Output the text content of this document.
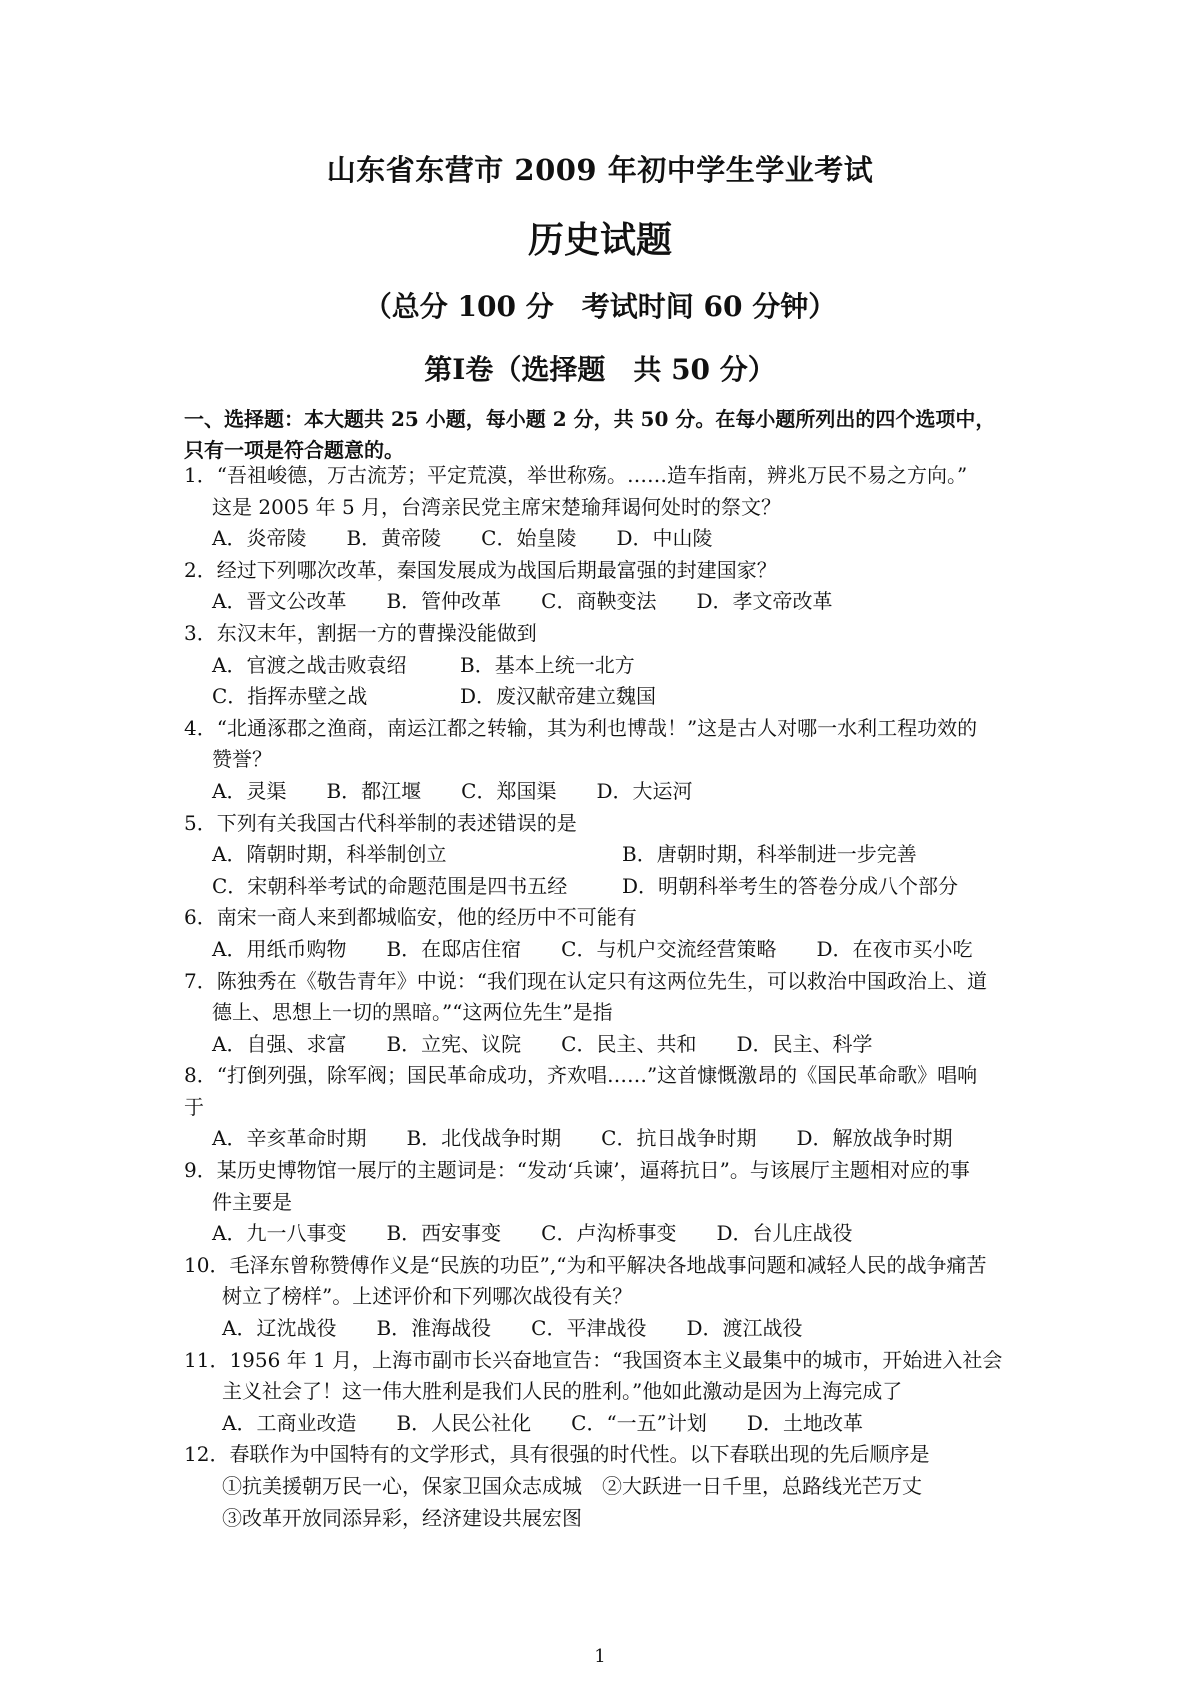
山东省东营市 2009 年初中学生学业考试
历史试题
（总分 100 分　考试时间 60 分钟）
第Ⅰ卷（选择题　共 50 分）
一、选择题：本大题共 25 小题，每小题 2 分，共 50 分。在每小题所列出的四个选项中，
只有一项是符合题意的。
1．“吾祖峻德，万古流芳；平定荒漠，举世称殇。……造车指南，辨兆万民不易之方向。”
这是 2005 年 5 月，台湾亲民党主席宋楚瑜拜谒何处时的祭文？
A．炎帝陵 B．黄帝陵 C．始皇陵 D．中山陵
2．经过下列哪次改革，秦国发展成为战国后期最富强的封建国家？
A．晋文公改革 B．管仲改革 C．商鞅变法 D．孝文帝改革
3．东汉末年，割据一方的曹操没能做到
A．官渡之战击败袁绍	B．基本上统一北方
C．指挥赤壁之战	D．废汉献帝建立魏国
4．“北通涿郡之渔商，南运江都之转输，其为利也博哉！”这是古人对哪一水利工程功效的
赞誉？
A．灵渠 B．都江堰 C．郑国渠 D．大运河
5．下列有关我国古代科举制的表述错误的是
A．隋朝时期，科举制创立	B．唐朝时期，科举制进一步完善
C．宋朝科举考试的命题范围是四书五经	D．明朝科举考生的答卷分成八个部分
6．南宋一商人来到都城临安，他的经历中不可能有
A．用纸币购物 B．在邸店住宿 C．与机户交流经营策略 D．在夜市买小吃
7．陈独秀在《敬告青年》中说：“我们现在认定只有这两位先生，可以救治中国政治上、道
德上、思想上一切的黑暗。”“这两位先生”是指
A．自强、求富 B．立宪、议院 C．民主、共和 D．民主、科学
8．“打倒列强，除军阀；国民革命成功，齐欢唱……”这首慷慨激昂的《国民革命歌》唱响
于
A．辛亥革命时期 B．北伐战争时期 C．抗日战争时期 D．解放战争时期
9．某历史博物馆一展厅的主题词是：“发动‘兵谏’，逼蒋抗日”。与该展厅主题相对应的事
件主要是
A．九一八事变 B．西安事变 C．卢沟桥事变 D．台儿庄战役
10．毛泽东曾称赞傅作义是“民族的功臣”,“为和平解决各地战事问题和减轻人民的战争痛苦
树立了榜样”。上述评价和下列哪次战役有关？
A．辽沈战役 B．淮海战役 C．平津战役 D．渡江战役
11．1956 年 1 月，上海市副市长兴奋地宣告：“我国资本主义最集中的城市，开始进入社会
主义社会了！这一伟大胜利是我们人民的胜利。”他如此激动是因为上海完成了
A．工商业改造 B．人民公社化 C．“一五”计划 D．土地改革
12．春联作为中国特有的文学形式，具有很强的时代性。以下春联出现的先后顺序是
①抗美援朝万民一心，保家卫国众志成城　②大跃进一日千里，总路线光芒万丈
③改革开放同添异彩，经济建设共展宏图
1
